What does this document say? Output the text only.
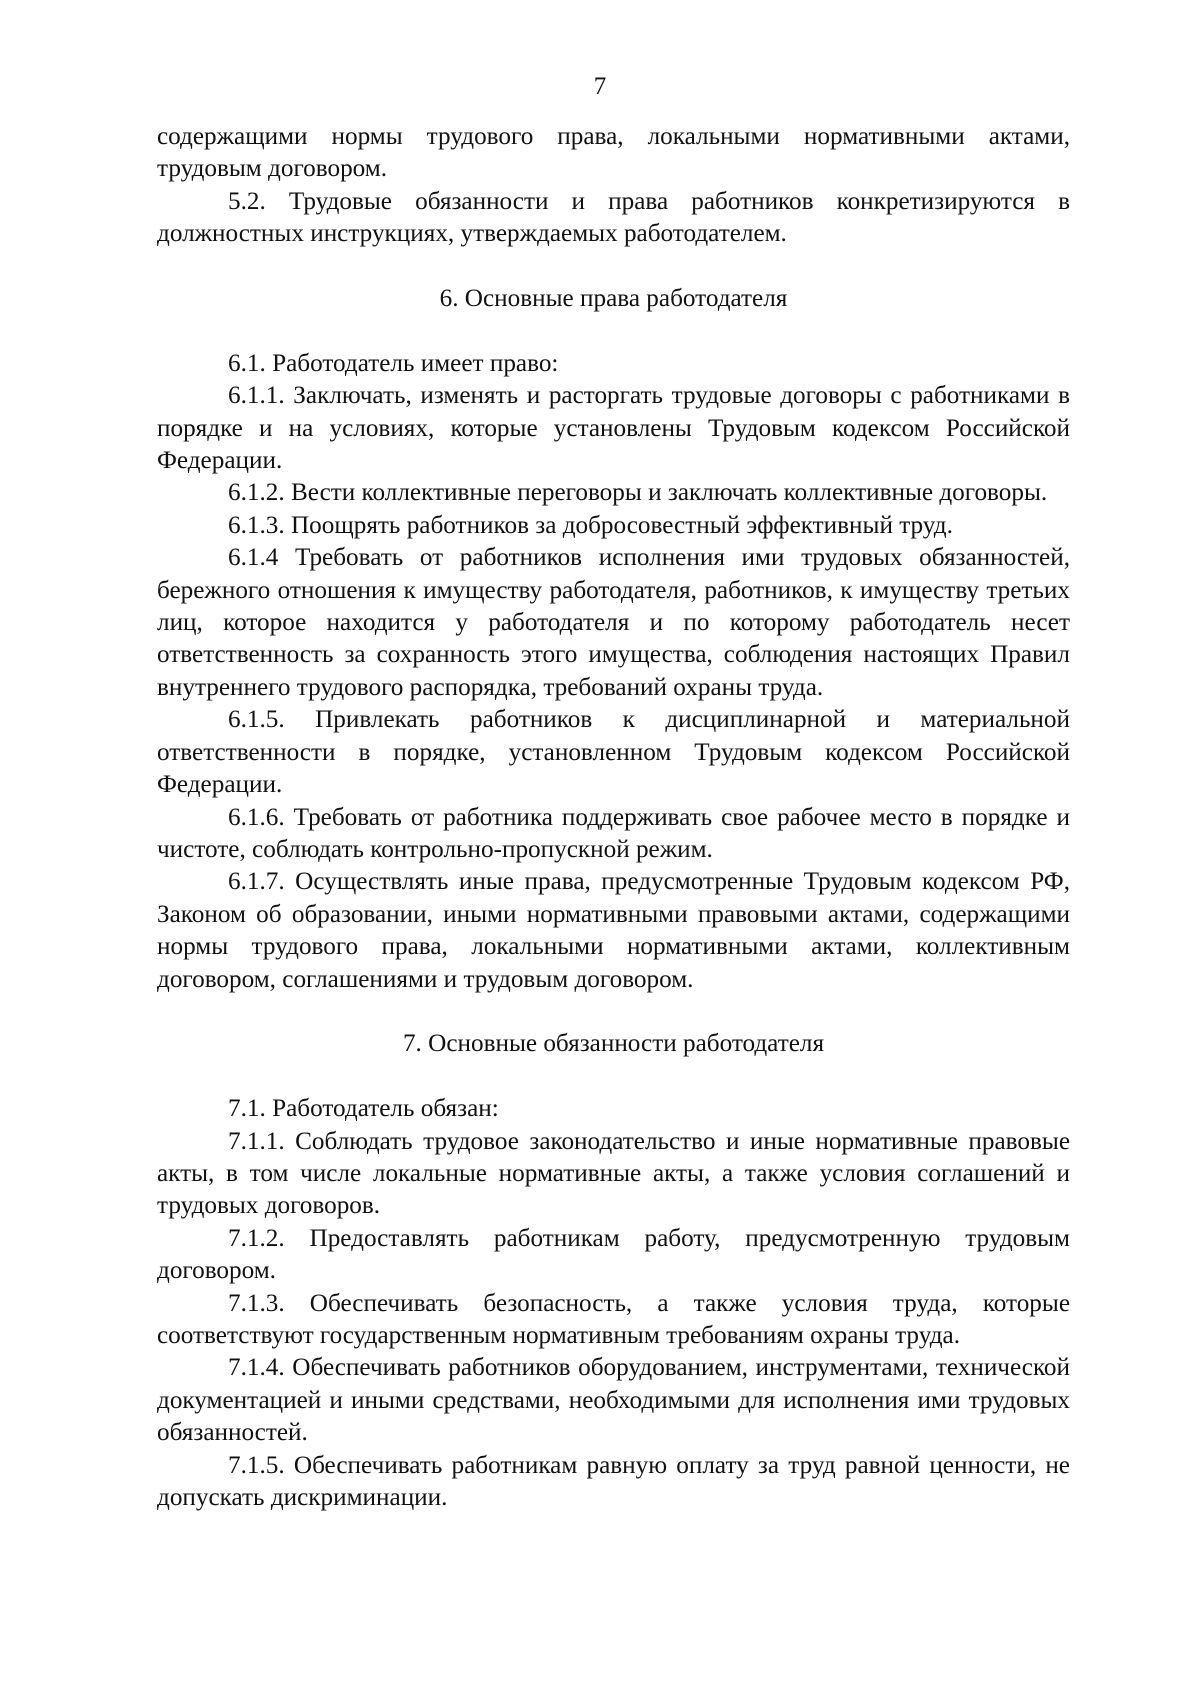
7

содержащими нормы трудового права, локальными нормативными актами, трудовым договором.

5.2. Трудовые обязанности и права работников конкретизируются в должностных инструкциях, утверждаемых работодателем.

6. Основные права работодателя

6.1. Работодатель имеет право:

6.1.1. Заключать, изменять и расторгать трудовые договоры с работниками в порядке и на условиях, которые установлены Трудовым кодексом Российской Федерации.

6.1.2. Вести коллективные переговоры и заключать коллективные договоры.

6.1.3. Поощрять работников за добросовестный эффективный труд.

6.1.4 Требовать от работников исполнения ими трудовых обязанностей, бережного отношения к имуществу работодателя, работников, к имуществу третьих лиц, которое находится у работодателя и по которому работодатель несет ответственность за сохранность этого имущества, соблюдения настоящих Правил внутреннего трудового распорядка, требований охраны труда.

6.1.5. Привлекать работников к дисциплинарной и материальной ответственности в порядке, установленном Трудовым кодексом Российской Федерации.

6.1.6. Требовать от работника поддерживать свое рабочее место в порядке и чистоте, соблюдать контрольно-пропускной режим.

6.1.7. Осуществлять иные права, предусмотренные Трудовым кодексом РФ, Законом об образовании, иными нормативными правовыми актами, содержащими нормы трудового права, локальными нормативными актами, коллективным договором, соглашениями и трудовым договором.

7. Основные обязанности работодателя

7.1. Работодатель обязан:

7.1.1. Соблюдать трудовое законодательство и иные нормативные правовые акты, в том числе локальные нормативные акты, а также условия соглашений и трудовых договоров.

7.1.2. Предоставлять работникам работу, предусмотренную трудовым договором.

7.1.3. Обеспечивать безопасность, а также условия труда, которые соответствуют государственным нормативным требованиям охраны труда.

7.1.4. Обеспечивать работников оборудованием, инструментами, технической документацией и иными средствами, необходимыми для исполнения ими трудовых обязанностей.

7.1.5. Обеспечивать работникам равную оплату за труд равной ценности, не допускать дискриминации.
